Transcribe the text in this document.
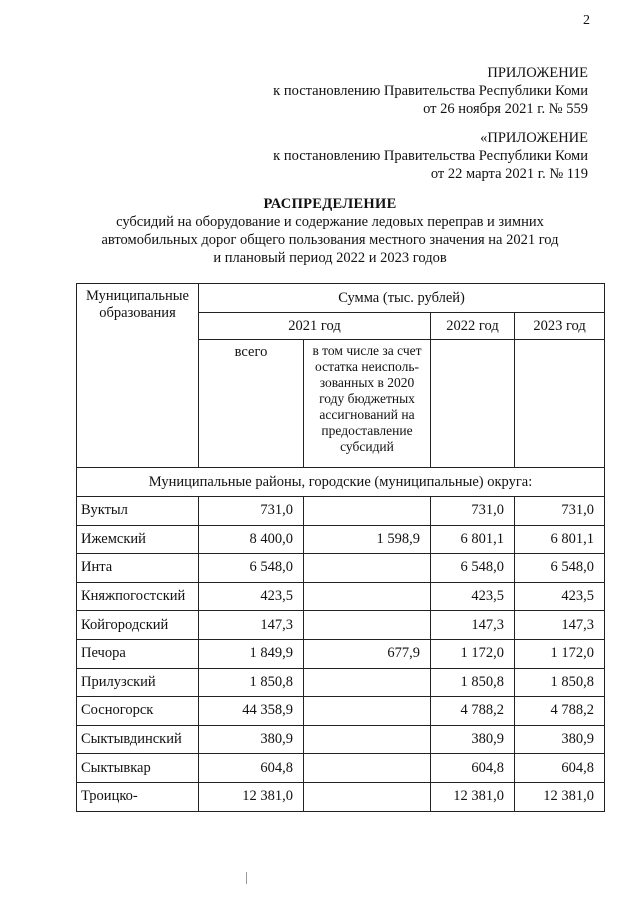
2
ПРИЛОЖЕНИЕ
к постановлению Правительства Республики Коми
от 26 ноября 2021 г. № 559
«ПРИЛОЖЕНИЕ
к постановлению Правительства Республики Коми
от 22 марта 2021 г. № 119
РАСПРЕДЕЛЕНИЕ
субсидий на оборудование и содержание ледовых переправ и зимних
автомобильных дорог общего пользования местного значения на 2021 год
и плановый период 2022 и 2023 годов
Муниципальные образования	Сумма (тыс. рублей)			
	2021 год		2022 год	2023 год
	всего	в том числе за счет остатка неисполь-зованных в 2020 году бюджетных ассигнований на предоставление субсидий		
Муниципальные районы, городские (муниципальные) округа:				
Вуктыл	731,0		731,0	731,0
Ижемский	8 400,0	1 598,9	6 801,1	6 801,1
Инта	6 548,0		6 548,0	6 548,0
Княжпогостский	423,5		423,5	423,5
Койгородский	147,3		147,3	147,3
Печора	1 849,9	677,9	1 172,0	1 172,0
Прилузский	1 850,8		1 850,8	1 850,8
Сосногорск	44 358,9		4 788,2	4 788,2
Сыктывдинский	380,9		380,9	380,9
Сыктывкар	604,8		604,8	604,8
Троицко-	12 381,0		12 381,0	12 381,0
